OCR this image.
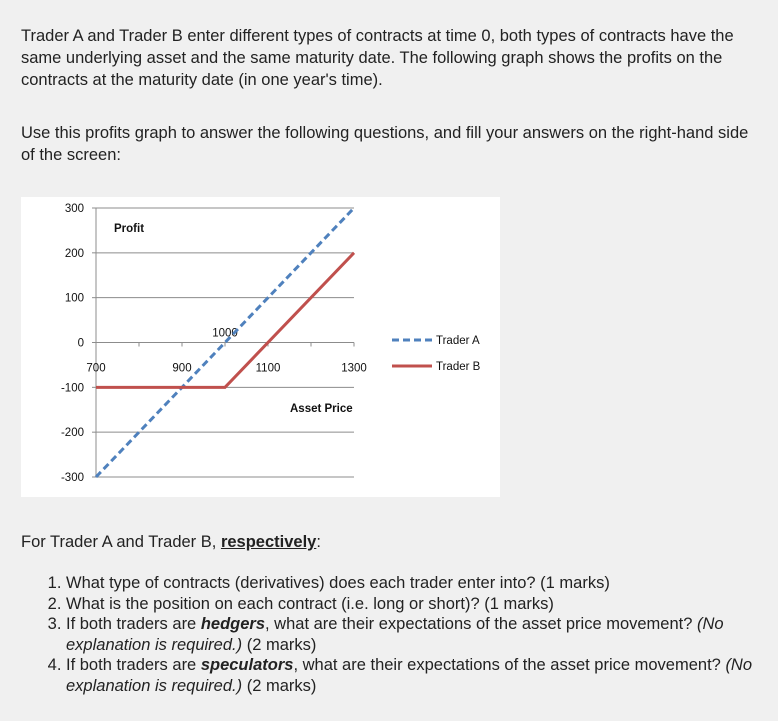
Trader A and Trader B enter different types of contracts at time 0, both types of contracts have the same underlying asset and the same maturity date. The following graph shows the profits on the contracts at the maturity date (in one year's time).

Use this profits graph to answer the following questions, and fill your answers on the right-hand side of the screen:

300
200
100
0
-100
-200
-300
700	900
1000
1100	1300
Profit
Asset Price
Trader A
Trader B

For Trader A and Trader B, respectively:

1. What type of contracts (derivatives) does each trader enter into? (1 marks)
2. What is the position on each contract (i.e. long or short)? (1 marks)
3. If both traders are hedgers, what are their expectations of the asset price movement? (No explanation is required.) (2 marks)
4. If both traders are speculators, what are their expectations of the asset price movement? (No explanation is required.) (2 marks)
